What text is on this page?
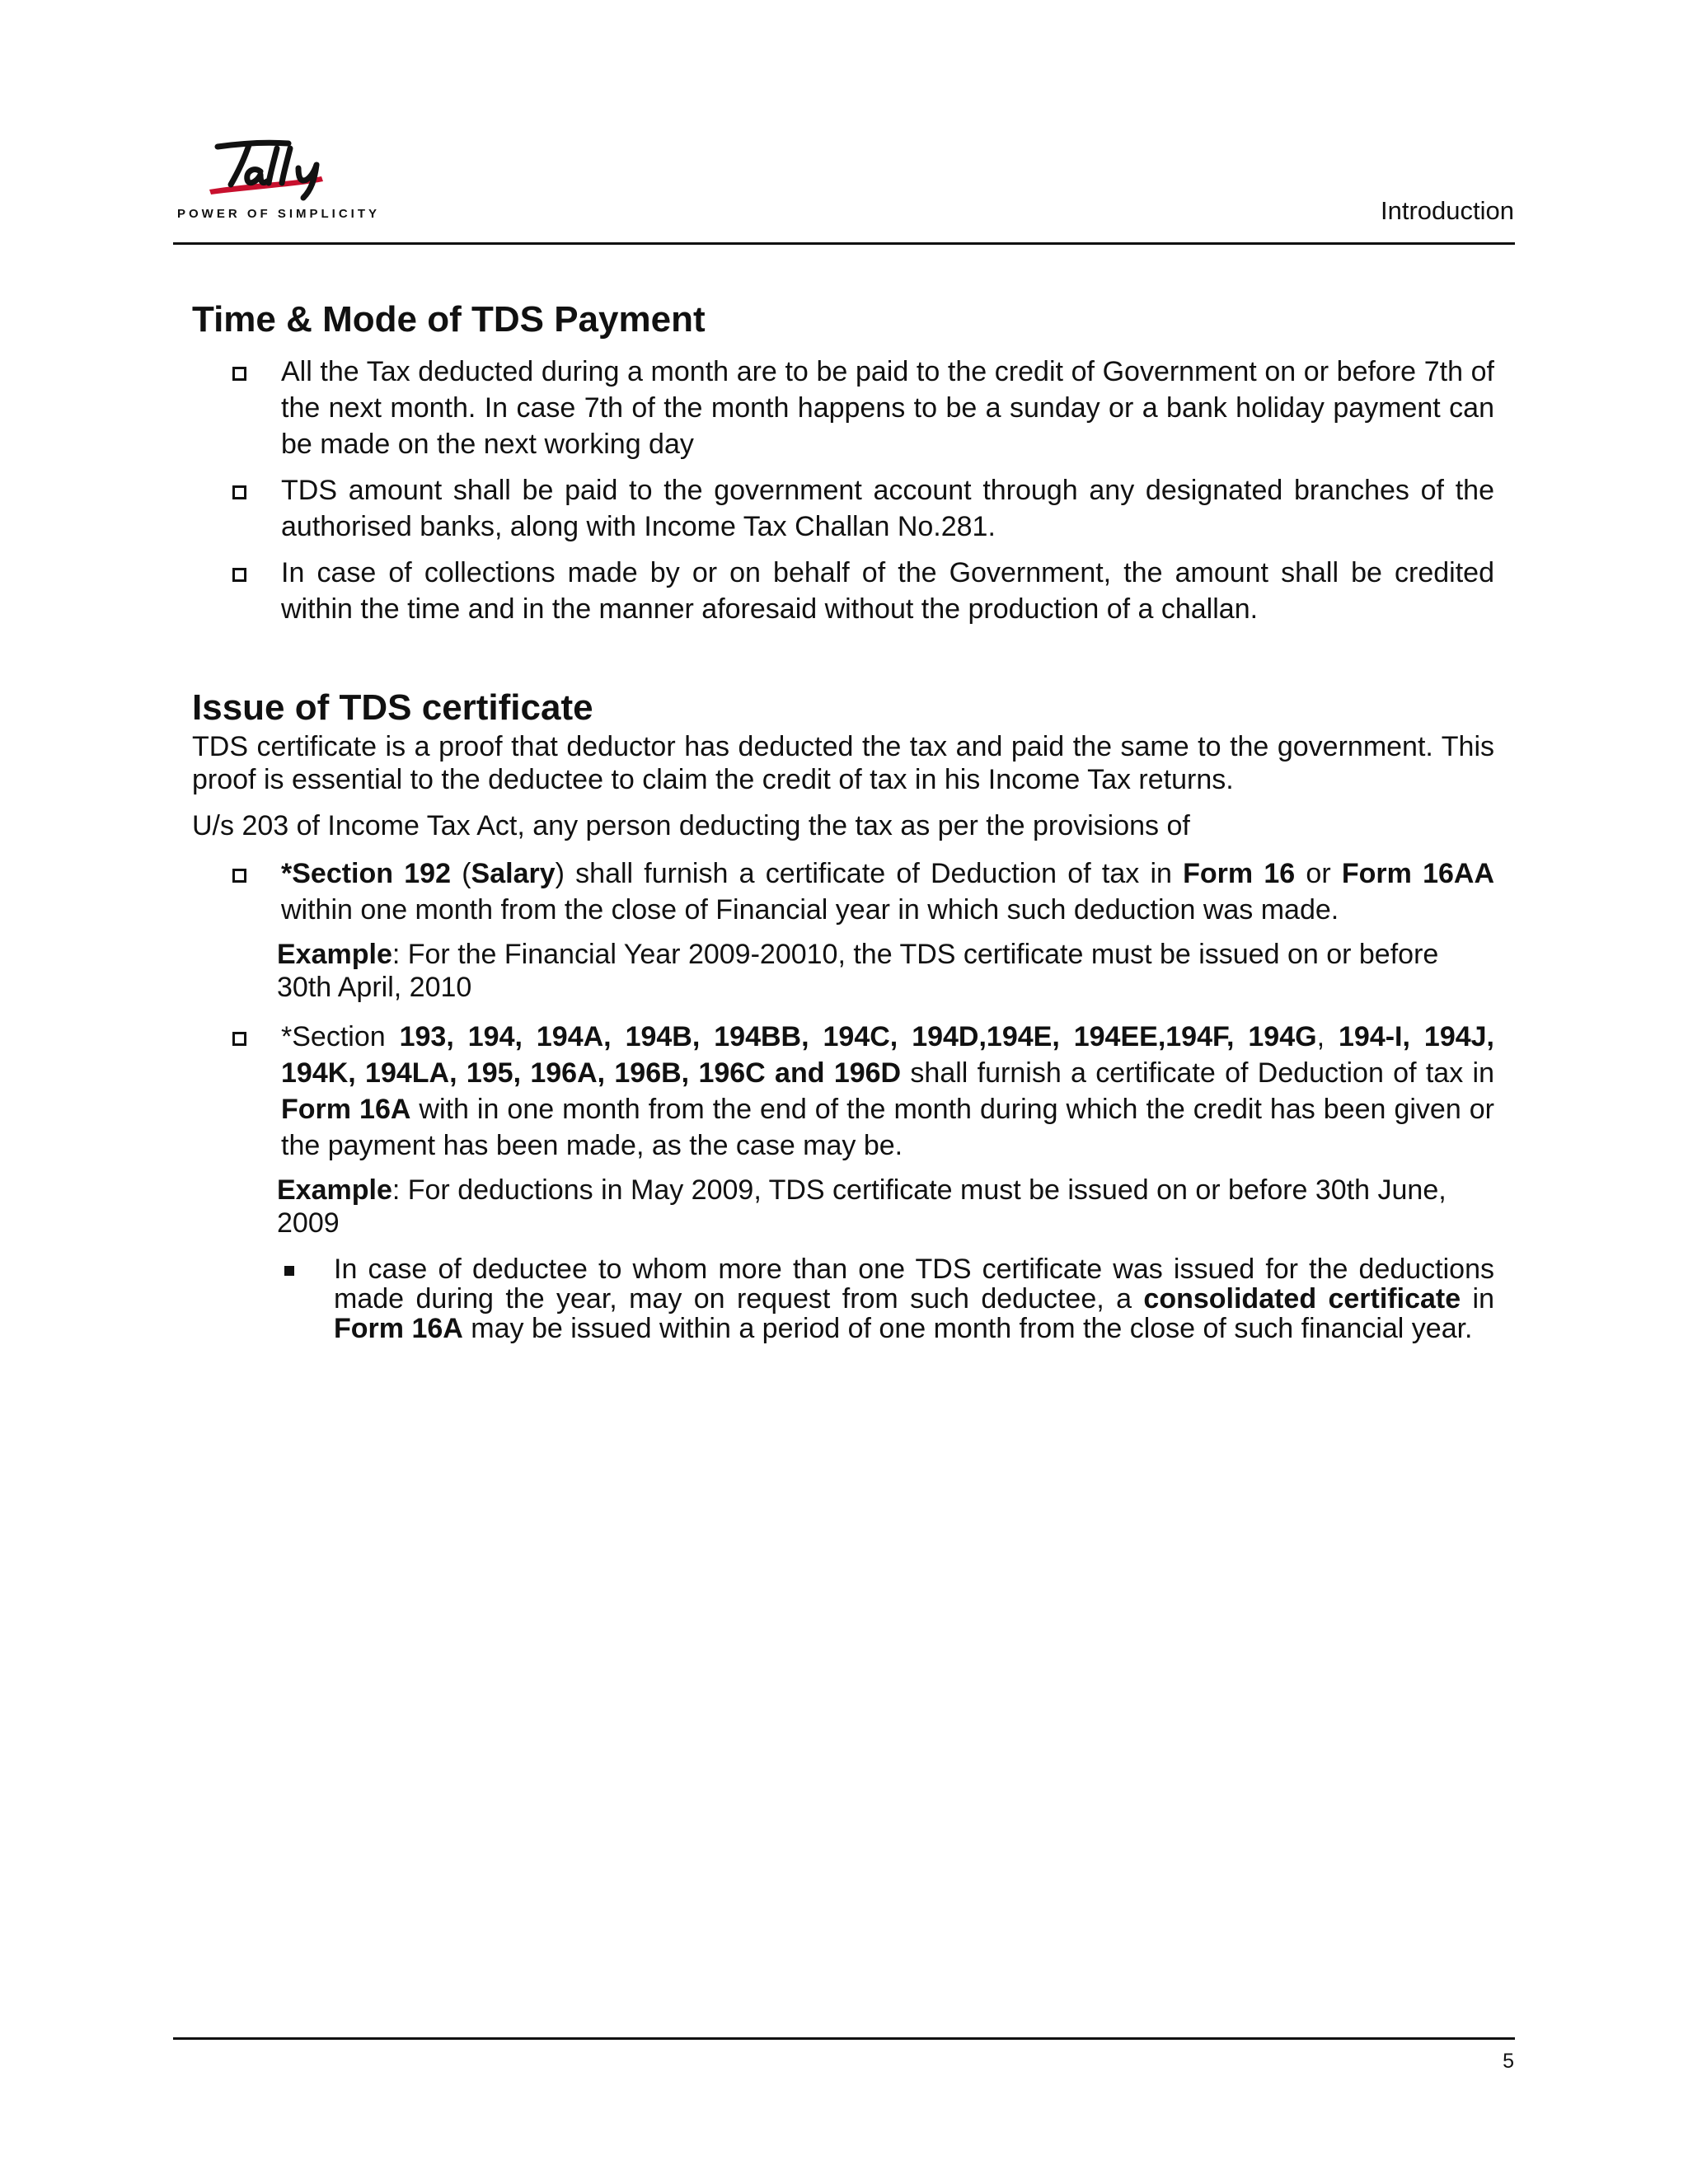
POWER OF SIMPLICITY	Introduction
Time & Mode of TDS Payment
All the Tax deducted during a month are to be paid to the credit of Government on or before 7th of the next month. In case 7th of the month happens to be a sunday or a bank holiday payment can be made on the next working day
TDS amount shall be paid to the government account through any designated branches of the authorised banks, along with Income Tax Challan No.281.
In case of collections made by or on behalf of the Government, the amount shall be credited within the time and in the manner aforesaid without the production of a challan.
Issue of TDS certificate

TDS certificate is a proof that deductor has deducted the tax and paid the same to the government. This proof is essential to the deductee to claim the credit of tax in his Income Tax returns.

U/s 203 of Income Tax Act, any person deducting the tax as per the provisions of

*Section 192 (Salary) shall furnish a certificate of Deduction of tax in Form 16 or Form 16AA within one month from the close of Financial year in which such deduction was made.
Example: For the Financial Year 2009-20010, the TDS certificate must be issued on or before 30th April, 2010
*Section 193, 194, 194A, 194B, 194BB, 194C, 194D,194E, 194EE,194F, 194G, 194-I, 194J, 194K, 194LA, 195, 196A, 196B, 196C and 196D shall furnish a certificate of Deduction of tax in Form 16A with in one month from the end of the month during which the credit has been given or the payment has been made, as the case may be.
Example: For deductions in May 2009, TDS certificate must be issued on or before 30th June, 2009
In case of deductee to whom more than one TDS certificate was issued for the deductions made during the year, may on request from such deductee, a consolidated certificate in Form 16A may be issued within a period of one month from the close of such financial year.
5
